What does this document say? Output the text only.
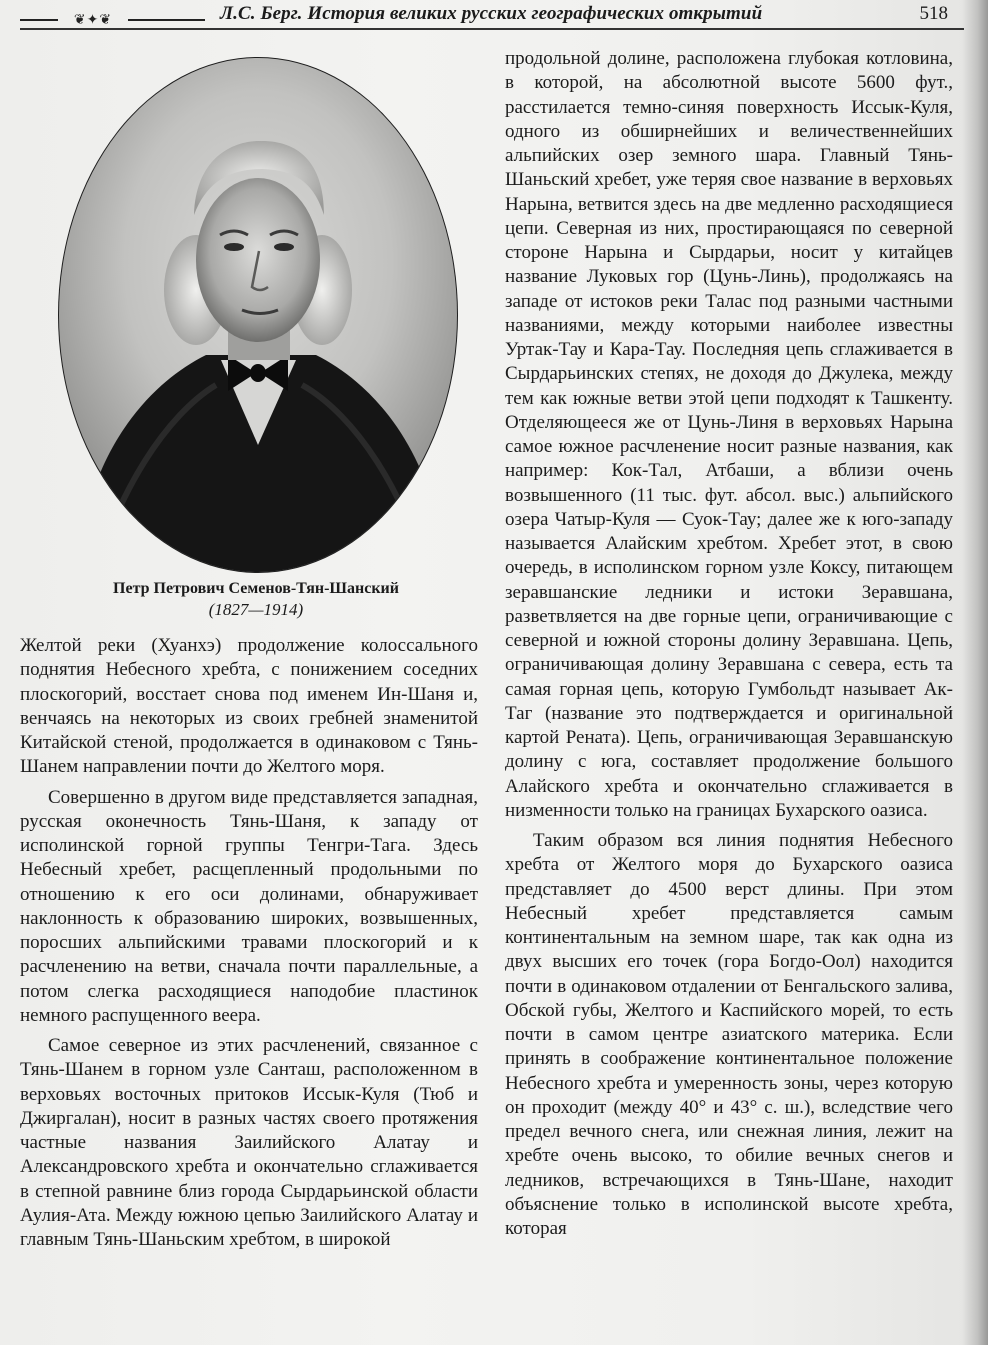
❦✦❦	Л.С. Берг. История великих русских географических открытий	518
Петр Петрович Семенов-Тян-Шанский
(1827—1914)

Желтой реки (Хуанхэ) продолжение колоссального поднятия Небесного хребта, с понижением соседних плоскогорий, восстает снова под именем Ин-Шаня и, венчаясь на некоторых из своих гребней знаменитой Китайской стеной, продолжается в одинаковом с Тянь-Шанем направлении почти до Желтого моря.

Совершенно в другом виде представляется западная, русская оконечность Тянь-Шаня, к западу от исполинской горной группы Тенгри-Тага. Здесь Небесный хребет, расщепленный продольными по отношению к его оси долинами, обнаруживает наклонность к образованию широких, возвышенных, поросших альпийскими травами плоскогорий и к расчленению на ветви, сначала почти параллельные, а потом слегка расходящиеся наподобие пластинок немного распущенного веера.

Самое северное из этих расчленений, связанное с Тянь-Шанем в горном узле Санташ, расположенном в верховьях восточных притоков Иссык-Куля (Тюб и Джиргалан), носит в разных частях своего протяжения частные названия Заилийского Алатау и Александровского хребта и окончательно сглаживается в степной равнине близ города Сырдарьинской области Аулия-Ата. Между южною цепью Заилийского Алатау и главным Тянь-Шаньским хребтом, в широкой

продольной долине, расположена глубокая котловина, в которой, на абсолютной высоте 5600 фут., расстилается темно-синяя поверхность Иссык-Куля, одного из обширнейших и величественнейших альпийских озер земного шара. Главный Тянь-Шаньский хребет, уже теряя свое название в верховьях Нарына, ветвится здесь на две медленно расходящиеся цепи. Северная из них, простирающаяся по северной стороне Нарына и Сырдарьи, носит у китайцев название Луковых гор (Цунь-Линь), продолжаясь на западе от истоков реки Талас под разными частными названиями, между которыми наиболее известны Уртак-Тау и Кара-Тау. Последняя цепь сглаживается в Сырдарьинских степях, не доходя до Джулека, между тем как южные ветви этой цепи подходят к Ташкенту. Отделяющееся же от Цунь-Линя в верховьях Нарына самое южное расчленение носит разные названия, как например: Кок-Тал, Атбаши, а вблизи очень возвышенного (11 тыс. фут. абсол. выс.) альпийского озера Чатыр-Куля — Суок-Тау; далее же к юго-западу называется Алайским хребтом. Хребет этот, в свою очередь, в исполинском горном узле Коксу, питающем зеравшанские ледники и истоки Зеравшана, разветвляется на две горные цепи, ограничивающие с северной и южной стороны долину Зеравшана. Цепь, ограничивающая долину Зеравшана с севера, есть та самая горная цепь, которую Гумбольдт называет Ак-Таг (название это подтверждается и оригинальной картой Рената). Цепь, ограничивающая Зеравшанскую долину с юга, составляет продолжение большого Алайского хребта и окончательно сглаживается в низменности только на границах Бухарского оазиса.

Таким образом вся линия поднятия Небесного хребта от Желтого моря до Бухарского оазиса представляет до 4500 верст длины. При этом Небесный хребет представляется самым континентальным на земном шаре, так как одна из двух высших его точек (гора Богдо-Оол) находится почти в одинаковом отдалении от Бенгальского залива, Обской губы, Желтого и Каспийского морей, то есть почти в самом центре азиатского материка. Если принять в соображение континентальное положение Небесного хребта и умеренность зоны, через которую он проходит (между 40° и 43° с. ш.), вследствие чего предел вечного снега, или снежная линия, лежит на хребте очень высоко, то обилие вечных снегов и ледников, встречающихся в Тянь-Шане, находит объяснение только в исполинской высоте хребта, которая
